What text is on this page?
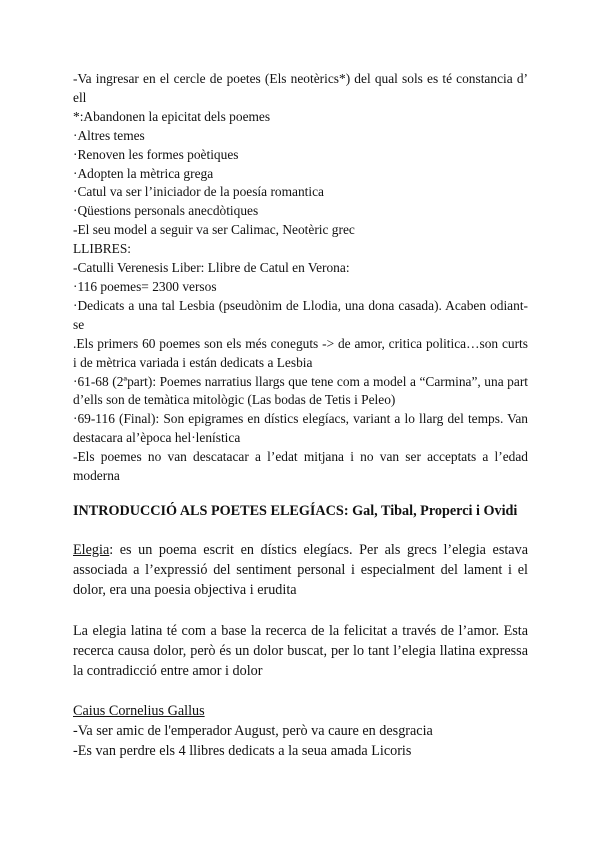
-Va ingresar en el cercle de poetes (Els neotèrics*) del qual sols es té constancia d’ ell

*:Abandonen la epicitat dels poemes

·Altres temes

·Renoven les formes poètiques

·Adopten la mètrica grega

·Catul va ser l’iniciador de la poesía romantica

·Qüestions personals anecdòtiques

-El seu model a seguir va ser Calimac, Neotèric grec

LLIBRES:

-Catulli Verenesis Liber: Llibre de Catul en Verona:

·116 poemes= 2300 versos

·Dedicats a una tal Lesbia (pseudònim de Llodia, una dona casada). Acaben odiant-se

.Els primers 60 poemes son els més coneguts -> de amor, critica politica…son curts i de mètrica variada i están dedicats a Lesbia

·61-68 (2ªpart): Poemes narratius llargs que tene com a model a “Carmina”, una part d’ells son de temàtica mitològic (Las bodas de Tetis i Peleo)

·69-116 (Final): Son epigrames en dístics elegíacs, variant a lo llarg del temps. Van destacara al’època hel·lenística

-Els poemes no van descatacar a l’edat mitjana i no van ser acceptats a l’edad moderna

INTRODUCCIÓ ALS POETES ELEGÍACS: Gal, Tibal, Properci i Ovidi

Elegia: es un poema escrit en dístics elegíacs. Per als grecs l’elegia estava associada a l’expressió del sentiment personal i especialment del lament i el dolor, era una poesia objectiva i erudita

La elegia latina té com a base la recerca de la felicitat a través de l’amor. Esta recerca causa dolor, però és un dolor buscat, per lo tant l’elegia llatina expressa la contradicció entre amor i dolor

Caius Cornelius Gallus

-Va ser amic de l'emperador August, però va caure en desgracia

-Es van perdre els 4 llibres dedicats a la seua amada Licoris
